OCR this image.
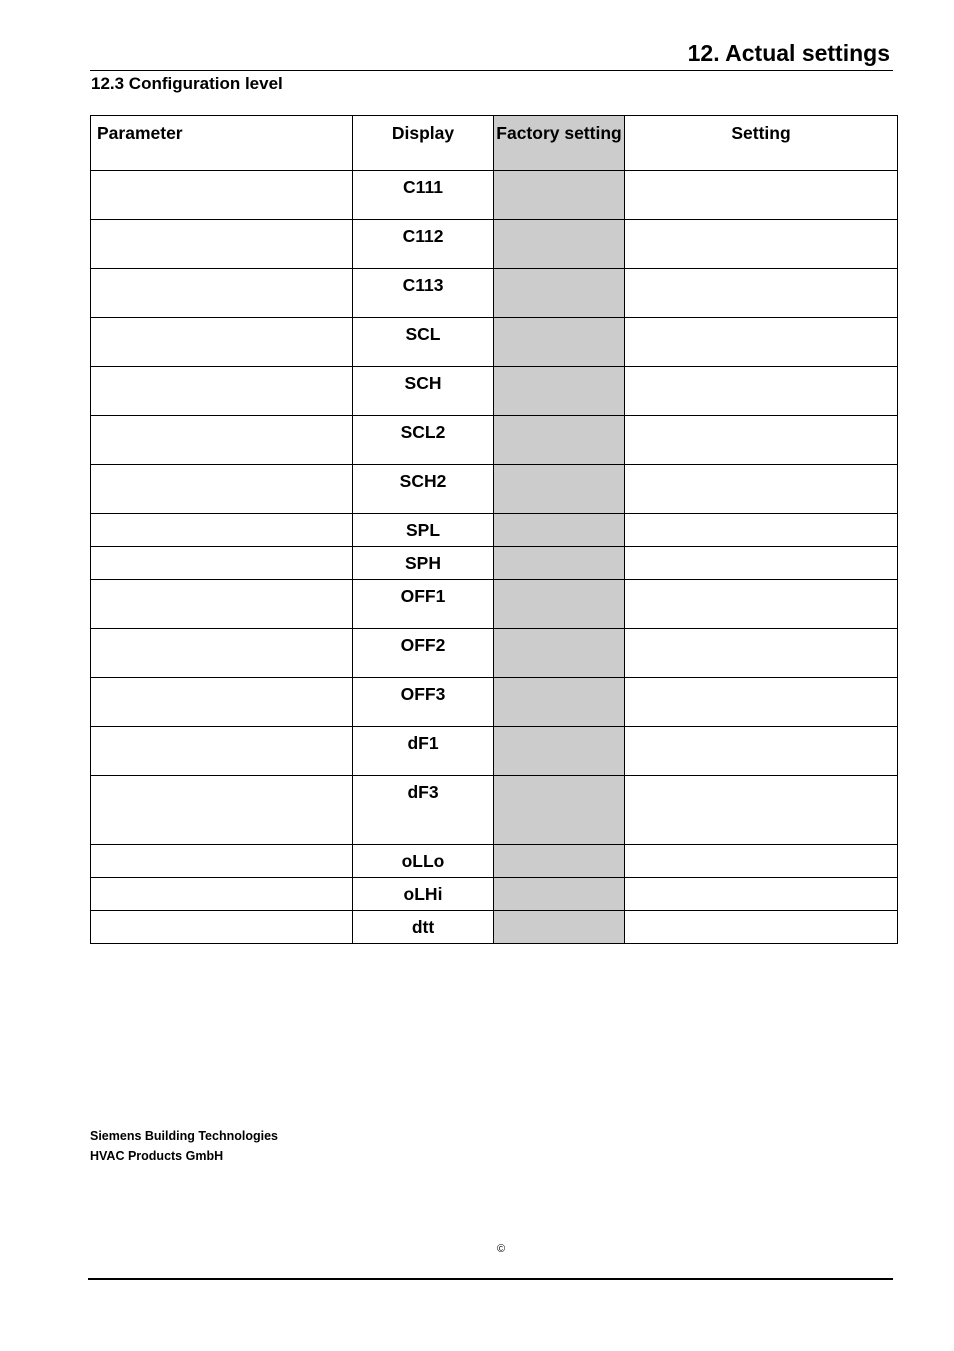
12. Actual settings
12.3 Configuration level
Parameter	Display	Factory setting	Setting
	C111		
	C112		
	C113		
	SCL		
	SCH		
	SCL2		
	SCH2		
	SPL		
	SPH		
	OFF1		
	OFF2		
	OFF3		
	dF1		
	dF3		
	oLLo		
	oLHi		
	dtt		
Siemens Building Technologies
HVAC Products GmbH
©
